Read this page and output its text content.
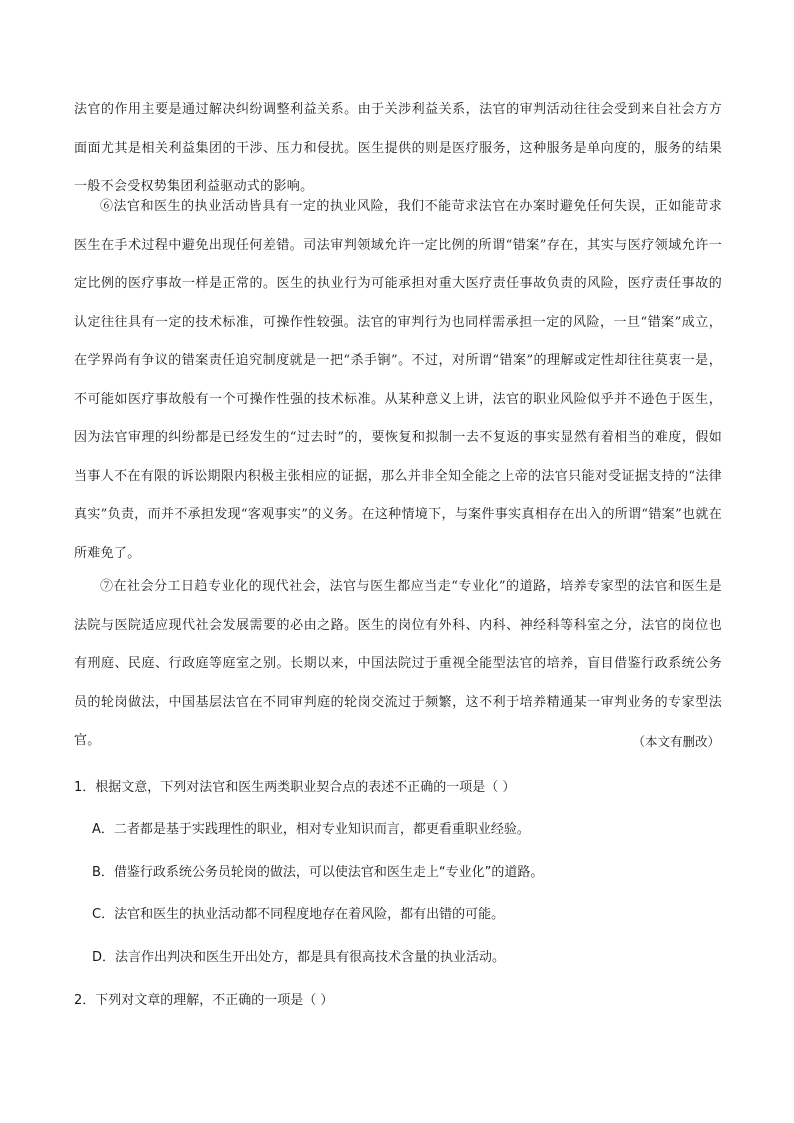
法官的作用主要是通过解决纠纷调整利益关系。由于关涉利益关系，法官的审判活动往往会受到来自社会方方面面尤其是相关利益集团的干涉、压力和侵扰。医生提供的则是医疗服务，这种服务是单向度的，服务的结果一般不会受权势集团利益驱动式的影响。

⑥法官和医生的执业活动皆具有一定的执业风险，我们不能苛求法官在办案时避免任何失误，正如能苛求医生在手术过程中避免出现任何差错。司法审判领域允许一定比例的所谓“错案”存在，其实与医疗领域允许一定比例的医疗事故一样是正常的。医生的执业行为可能承担对重大医疗责任事故负责的风险，医疗责任事故的认定往往具有一定的技术标准，可操作性较强。法官的审判行为也同样需承担一定的风险，一旦“错案”成立，在学界尚有争议的错案责任追究制度就是一把“杀手锏”。不过，对所谓“错案”的理解或定性却往往莫衷一是，不可能如医疗事故般有一个可操作性强的技术标准。从某种意义上讲，法官的职业风险似乎并不逊色于医生，因为法官审理的纠纷都是已经发生的“过去时”的，要恢复和拟制一去不复返的事实显然有着相当的难度，假如当事人不在有限的诉讼期限内积极主张相应的证据，那么并非全知全能之上帝的法官只能对受证据支持的“法律真实”负责，而并不承担发现“客观事实”的义务。在这种情境下，与案件事实真相存在出入的所谓“错案”也就在所难免了。

⑦在社会分工日趋专业化的现代社会，法官与医生都应当走“专业化”的道路，培养专家型的法官和医生是法院与医院适应现代社会发展需要的必由之路。医生的岗位有外科、内科、神经科等科室之分，法官的岗位也有刑庭、民庭、行政庭等庭室之别。长期以来，中国法院过于重视全能型法官的培养，盲目借鉴行政系统公务员的轮岗做法，中国基层法官在不同审判庭的轮岗交流过于频繁，这不利于培养精通某一审判业务的专家型法官。	（本文有删改）

1．根据文意，下列对法官和医生两类职业契合点的表述不正确的一项是（ ）

A．二者都是基于实践理性的职业，相对专业知识而言，都更看重职业经验。

B．借鉴行政系统公务员轮岗的做法，可以使法官和医生走上“专业化”的道路。

C．法官和医生的执业活动都不同程度地存在着风险，都有出错的可能。

D．法言作出判决和医生开出处方，都是具有很高技术含量的执业活动。

2．下列对文章的理解，不正确的一项是（ ）
